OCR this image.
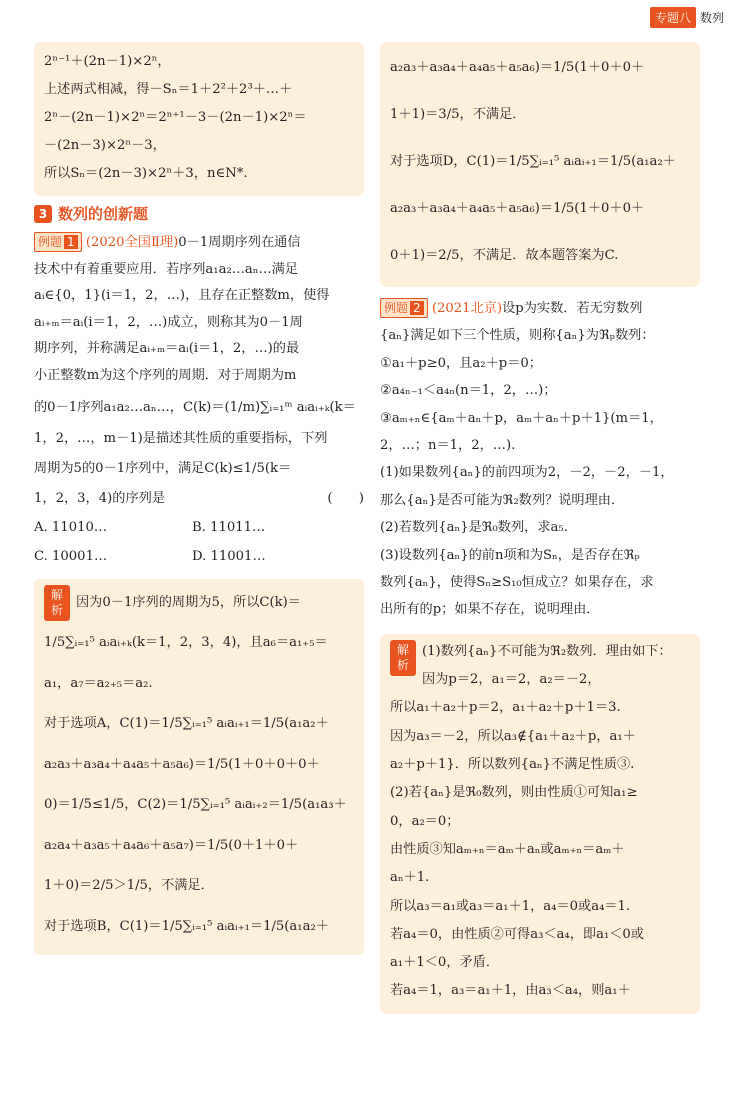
专题八 数列
2ⁿ⁻¹＋(2n－1)×2ⁿ，
上述两式相减，得－Sₙ＝1＋2²＋2³＋…＋
2ⁿ－(2n－1)×2ⁿ＝2ⁿ⁺¹－3－(2n－1)×2ⁿ＝
－(2n－3)×2ⁿ－3，
所以Sₙ＝(2n－3)×2ⁿ＋3，n∈N*.
3 数列的创新题
例题 1 (2020全国Ⅱ理)0－1周期序列在通信
技术中有着重要应用．若序列a₁a₂…aₙ…满足
aᵢ∈{0，1}(i＝1，2，…)，且存在正整数m，使得
aᵢ₊ₘ＝aᵢ(i＝1，2，…)成立，则称其为0－1周
期序列，并称满足aᵢ₊ₘ＝aᵢ(i＝1，2，…)的最
小正整数m为这个序列的周期．对于周期为m
的0－1序列a₁a₂…aₙ…，C(k)＝(1/m)∑ᵢ₌₁ᵐ aᵢaᵢ₊ₖ(k＝
1，2，…，m－1)是描述其性质的重要指标，下列
周期为5的0－1序列中，满足C(k)≤1/5(k＝
1，2，3，4)的序列是	(　　)
A. 11010…	B. 11011…
C. 10001…	D. 11001…
解析 因为0－1序列的周期为5，所以C(k)＝
1/5∑ᵢ₌₁⁵ aᵢaᵢ₊ₖ(k＝1，2，3，4)，且a₆＝a₁₊₅＝
a₁，a₇＝a₂₊₅＝a₂.
对于选项A，C(1)＝1/5∑ᵢ₌₁⁵ aᵢaᵢ₊₁＝1/5(a₁a₂＋
a₂a₃＋a₃a₄＋a₄a₅＋a₅a₆)＝1/5(1＋0＋0＋0＋
0)＝1/5≤1/5，C(2)＝1/5∑ᵢ₌₁⁵ aᵢaᵢ₊₂＝1/5(a₁a₃＋
a₂a₄＋a₃a₅＋a₄a₆＋a₅a₇)＝1/5(0＋1＋0＋
1＋0)＝2/5＞1/5，不满足．
对于选项B，C(1)＝1/5∑ᵢ₌₁⁵ aᵢaᵢ₊₁＝1/5(a₁a₂＋
a₂a₃＋a₃a₄＋a₄a₅＋a₅a₆)＝1/5(1＋0＋0＋
1＋1)＝3/5，不满足．
对于选项D，C(1)＝1/5∑ᵢ₌₁⁵ aᵢaᵢ₊₁＝1/5(a₁a₂＋
a₂a₃＋a₃a₄＋a₄a₅＋a₅a₆)＝1/5(1＋0＋0＋
0＋1)＝2/5，不满足．故本题答案为C.
例题 2 (2021北京)设p为实数．若无穷数列
{aₙ}满足如下三个性质，则称{aₙ}为ℜₚ数列：
①a₁＋p≥0，且a₂＋p＝0；
②a₄ₙ₋₁＜a₄ₙ(n＝1，2，…)；
③aₘ₊ₙ∈{aₘ＋aₙ＋p，aₘ＋aₙ＋p＋1}(m＝1，
2，…；n＝1，2，…).
(1)如果数列{aₙ}的前四项为2，－2，－2，－1，
那么{aₙ}是否可能为ℜ₂数列？说明理由．
(2)若数列{aₙ}是ℜ₀数列，求a₅.
(3)设数列{aₙ}的前n项和为Sₙ，是否存在ℜₚ
数列{aₙ}，使得Sₙ≥S₁₀恒成立？如果存在，求
出所有的p；如果不存在，说明理由．
解析
(1)数列{aₙ}不可能为ℜ₂数列．理由如下：
因为p＝2，a₁＝2，a₂＝－2，
所以a₁＋a₂＋p＝2，a₁＋a₂＋p＋1＝3.
因为a₃＝－2，所以a₃∉{a₁＋a₂＋p，a₁＋
a₂＋p＋1}．所以数列{aₙ}不满足性质③.
(2)若{aₙ}是ℜ₀数列，则由性质①可知a₁≥
0，a₂＝0；
由性质③知aₘ₊ₙ＝aₘ＋aₙ或aₘ₊ₙ＝aₘ＋
aₙ＋1.
所以a₃＝a₁或a₃＝a₁＋1，a₄＝0或a₄＝1.
若a₄＝0，由性质②可得a₃＜a₄，即a₁＜0或
a₁＋1＜0，矛盾．
若a₄＝1，a₃＝a₁＋1，由a₃＜a₄，则a₁＋
